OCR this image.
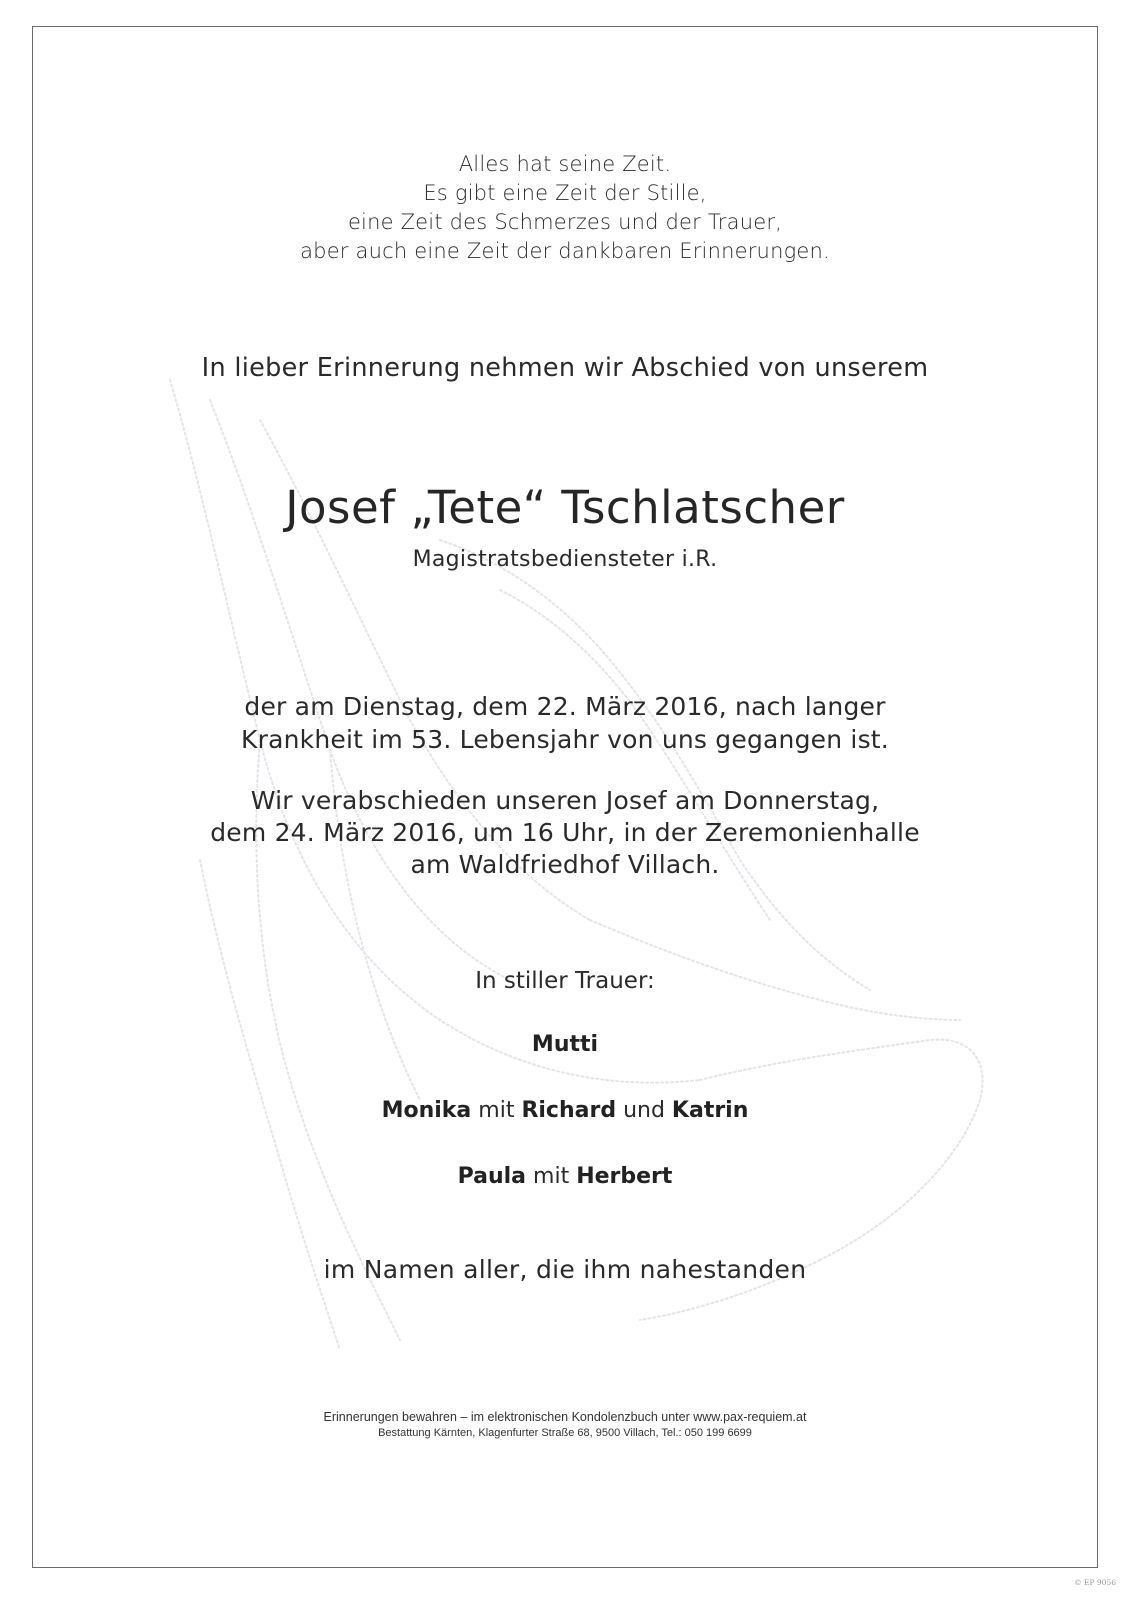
Alles hat seine Zeit.
Es gibt eine Zeit der Stille,
eine Zeit des Schmerzes und der Trauer,
aber auch eine Zeit der dankbaren Erinnerungen.
In lieber Erinnerung nehmen wir Abschied von unserem
Josef „Tete“ Tschlatscher
Magistratsbediensteter i.R.
der am Dienstag, dem 22. März 2016, nach langer
Krankheit im 53. Lebensjahr von uns gegangen ist.
Wir verabschieden unseren Josef am Donnerstag,
dem 24. März 2016, um 16 Uhr, in der Zeremonienhalle
am Waldfriedhof Villach.
In stiller Trauer:
Mutti
Monika mit Richard und Katrin
Paula mit Herbert
im Namen aller, die ihm nahestanden
Erinnerungen bewahren – im elektronischen Kondolenzbuch unter www.pax-requiem.at
Bestattung Kärnten, Klagenfurter Straße 68, 9500 Villach, Tel.: 050 199 6699
© EP 9056
